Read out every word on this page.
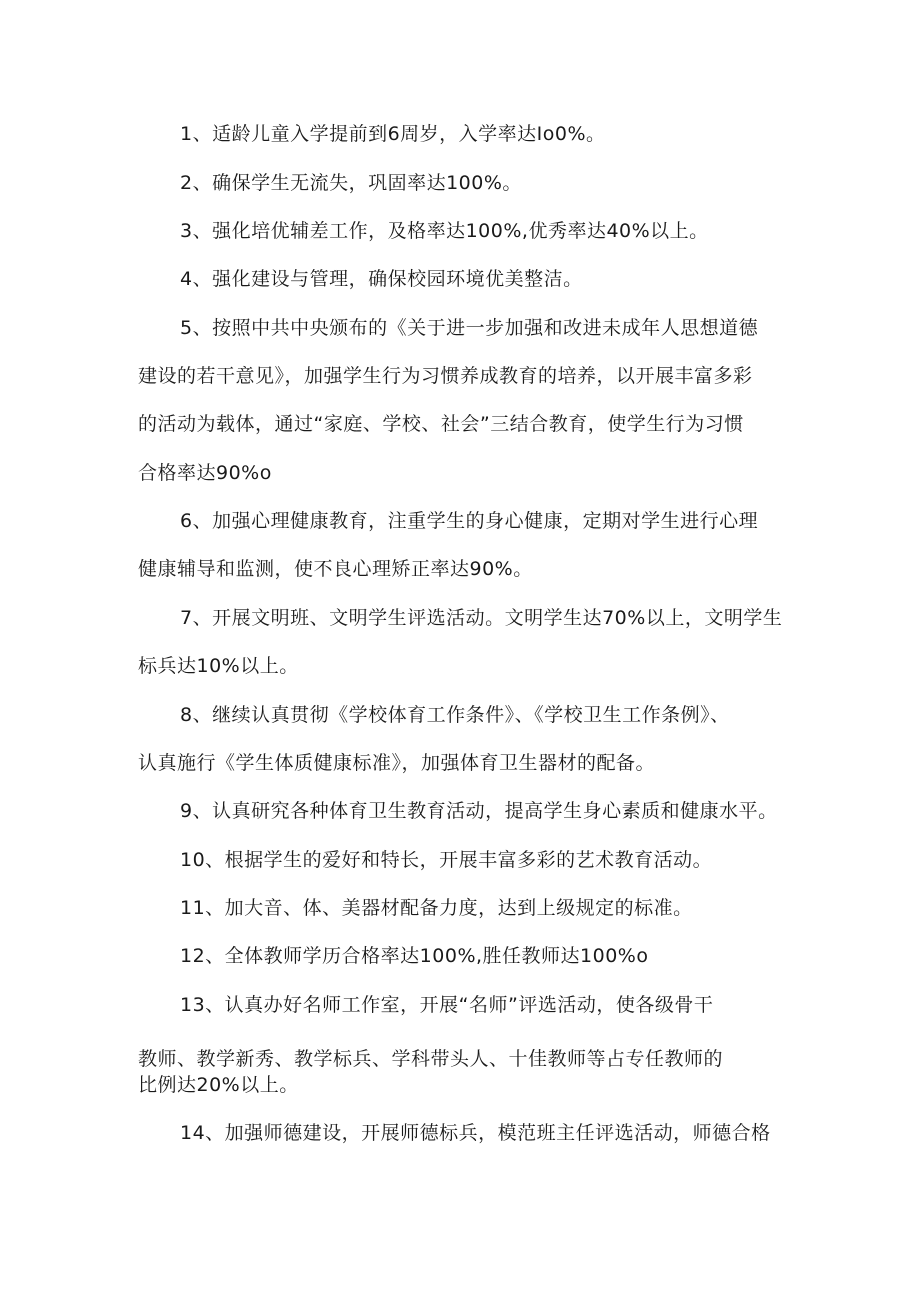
1、适龄儿童入学提前到6周岁，入学率达Io0%。
2、确保学生无流失，巩固率达100%。
3、强化培优辅差工作，及格率达100%,优秀率达40%以上。
4、强化建设与管理，确保校园环境优美整洁。
5、按照中共中央颁布的《关于进一步加强和改进未成年人思想道德
建设的若干意见》，加强学生行为习惯养成教育的培养，以开展丰富多彩
的活动为载体，通过“家庭、学校、社会”三结合教育，使学生行为习惯
合格率达90%o
6、加强心理健康教育，注重学生的身心健康，定期对学生进行心理
健康辅导和监测，使不良心理矫正率达90%。
7、开展文明班、文明学生评选活动。文明学生达70%以上，文明学生
标兵达10%以上。
8、继续认真贯彻《学校体育工作条件》、《学校卫生工作条例》、
认真施行《学生体质健康标准》，加强体育卫生器材的配备。
9、认真研究各种体育卫生教育活动，提高学生身心素质和健康水平。
10、根据学生的爱好和特长，开展丰富多彩的艺术教育活动。
11、加大音、体、美器材配备力度，达到上级规定的标准。
12、全体教师学历合格率达100%,胜任教师达100%o
13、认真办好名师工作室，开展“名师”评选活动，使各级骨干
教师、教学新秀、教学标兵、学科带头人、十佳教师等占专任教师的
比例达20%以上。
14、加强师德建设，开展师德标兵，模范班主任评选活动，师德合格
